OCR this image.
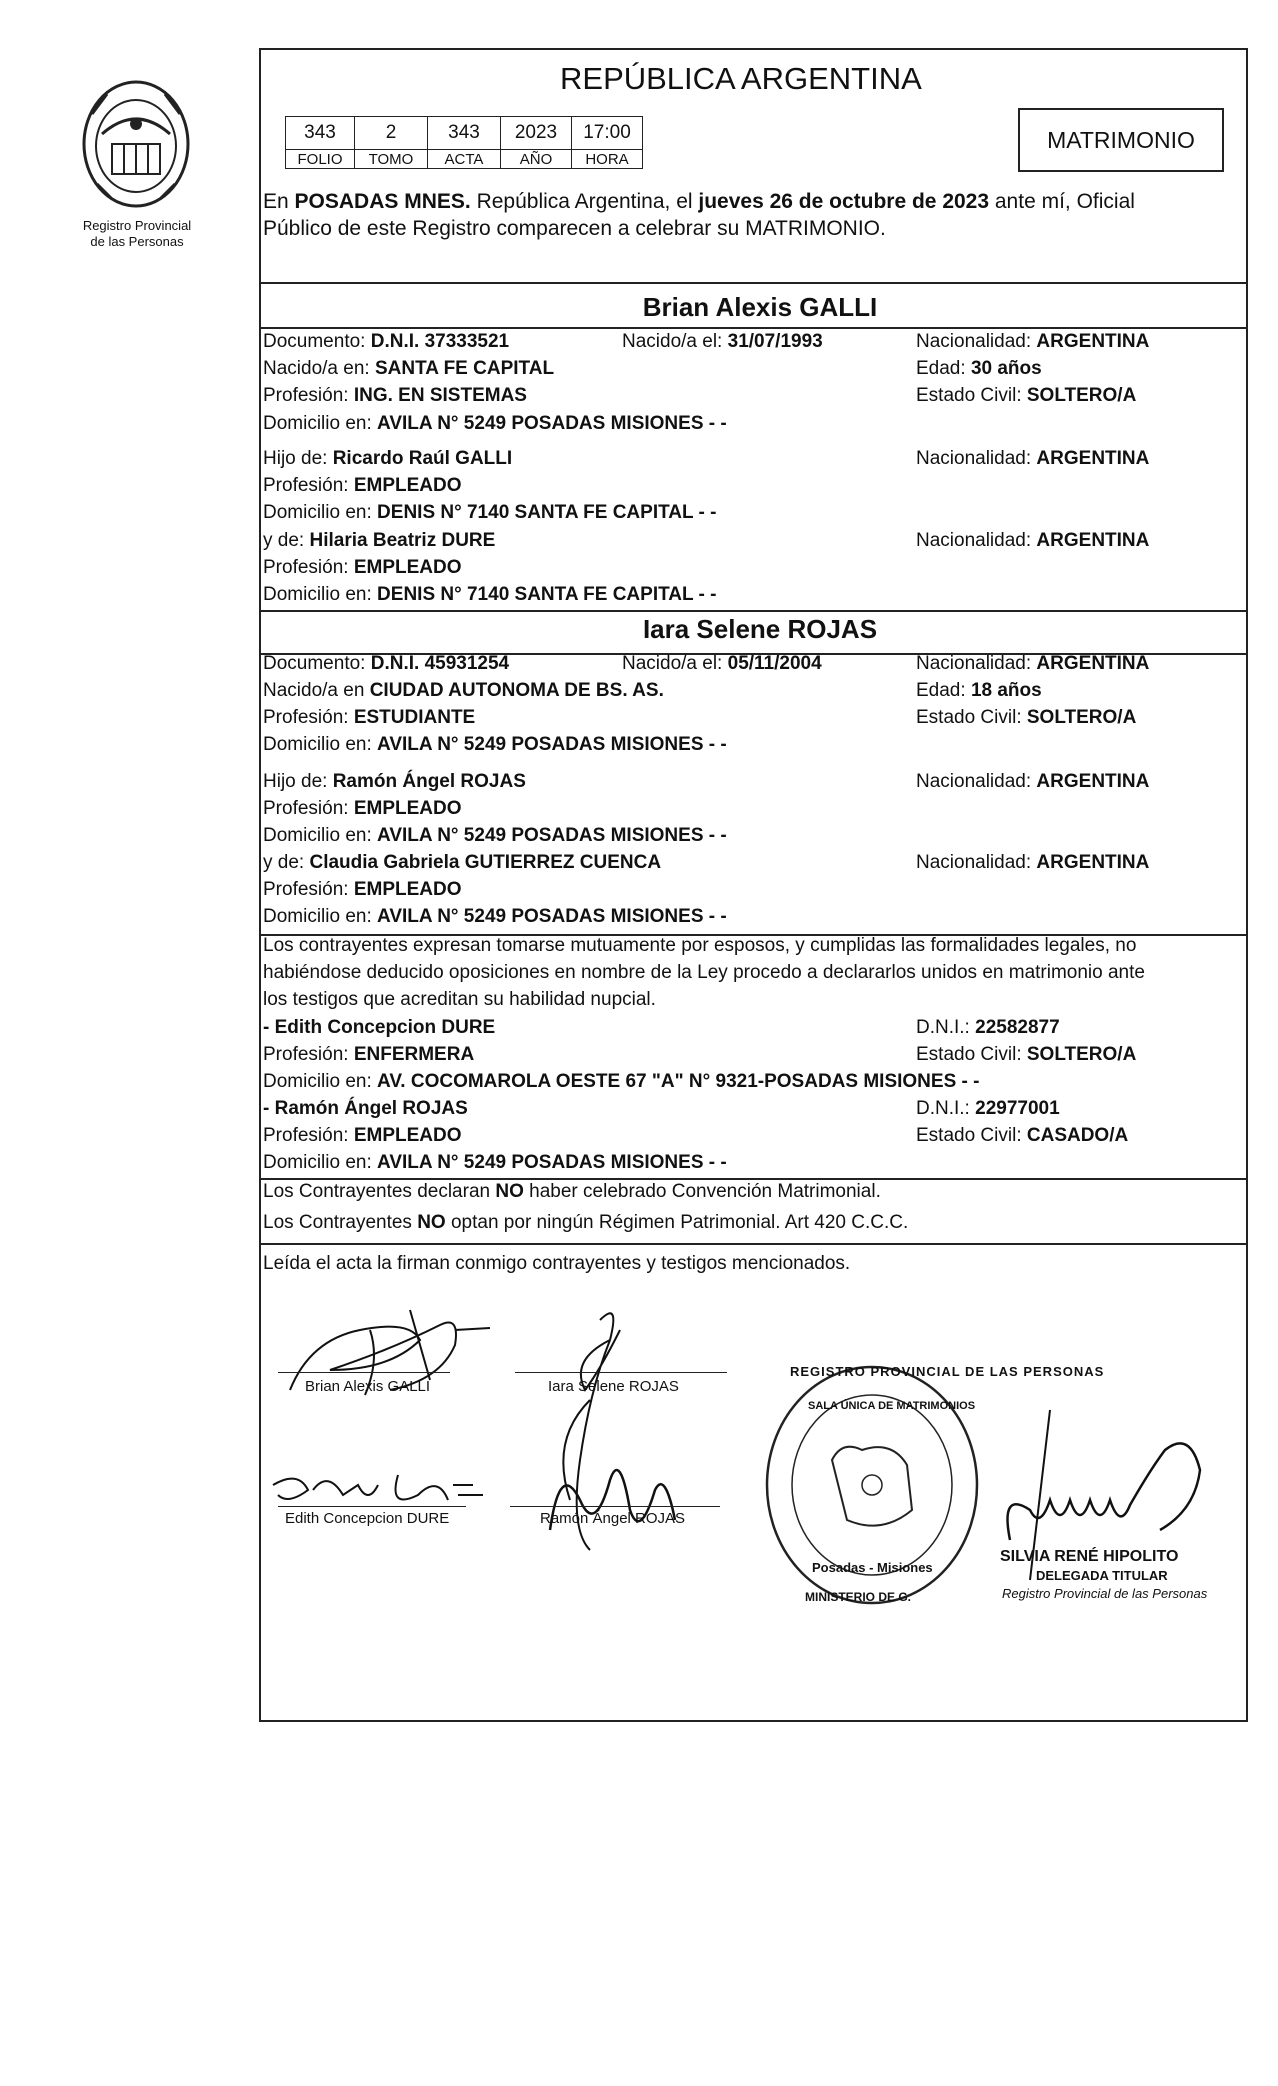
Registro Provincial
de las Personas
REPÚBLICA ARGENTINA
343	2	343	2023	17:00
FOLIO	TOMO	ACTA	AÑO	HORA
MATRIMONIO
En POSADAS MNES. República Argentina, el jueves 26 de octubre de 2023 ante mí, Oficial
Público de este Registro comparecen a celebrar su MATRIMONIO.
Brian Alexis GALLI
Documento: D.N.I. 37333521	Nacido/a el: 31/07/1993	Nacionalidad: ARGENTINA
Nacido/a en: SANTA FE CAPITAL	Edad: 30 años
Profesión: ING. EN SISTEMAS	Estado Civil: SOLTERO/A
Domicilio en: AVILA N° 5249 POSADAS MISIONES - -
Hijo de: Ricardo Raúl GALLI	Nacionalidad: ARGENTINA
Profesión: EMPLEADO
Domicilio en: DENIS N° 7140 SANTA FE CAPITAL - -
y de: Hilaria Beatriz DURE	Nacionalidad: ARGENTINA
Profesión: EMPLEADO
Domicilio en: DENIS N° 7140 SANTA FE CAPITAL - -
Iara Selene ROJAS
Documento: D.N.I. 45931254	Nacido/a el: 05/11/2004	Nacionalidad: ARGENTINA
Nacido/a en CIUDAD AUTONOMA DE BS. AS.	Edad: 18 años
Profesión: ESTUDIANTE	Estado Civil: SOLTERO/A
Domicilio en: AVILA N° 5249 POSADAS MISIONES - -
Hijo de: Ramón Ángel ROJAS	Nacionalidad: ARGENTINA
Profesión: EMPLEADO
Domicilio en: AVILA N° 5249 POSADAS MISIONES - -
y de: Claudia Gabriela GUTIERREZ CUENCA	Nacionalidad: ARGENTINA
Profesión: EMPLEADO
Domicilio en: AVILA N° 5249 POSADAS MISIONES - -
Los contrayentes expresan tomarse mutuamente por esposos, y cumplidas las formalidades legales, no
habiéndose deducido oposiciones en nombre de la Ley procedo a declararlos unidos en matrimonio ante
los testigos que acreditan su habilidad nupcial.
- Edith Concepcion DURE	D.N.I.: 22582877
Profesión: ENFERMERA	Estado Civil: SOLTERO/A
Domicilio en: AV. COCOMAROLA OESTE 67 "A" N° 9321-POSADAS MISIONES - -
- Ramón Ángel ROJAS	D.N.I.: 22977001
Profesión: EMPLEADO	Estado Civil: CASADO/A
Domicilio en: AVILA N° 5249 POSADAS MISIONES - -
Los Contrayentes declaran NO haber celebrado Convención Matrimonial.
Los Contrayentes NO optan por ningún Régimen Patrimonial. Art 420 C.C.C.
Leída el acta la firman conmigo contrayentes y testigos mencionados.
Brian Alexis GALLI	Iara Selene ROJAS
Edith Concepcion DURE	Ramón Ángel ROJAS
REGISTRO PROVINCIAL DE LAS PERSONAS
SALA ÚNICA DE MATRIMONIOS
Posadas - Misiones
MINISTERIO DE G.
SILVIA RENÉ HIPOLITO
DELEGADA TITULAR
Registro Provincial de las Personas
